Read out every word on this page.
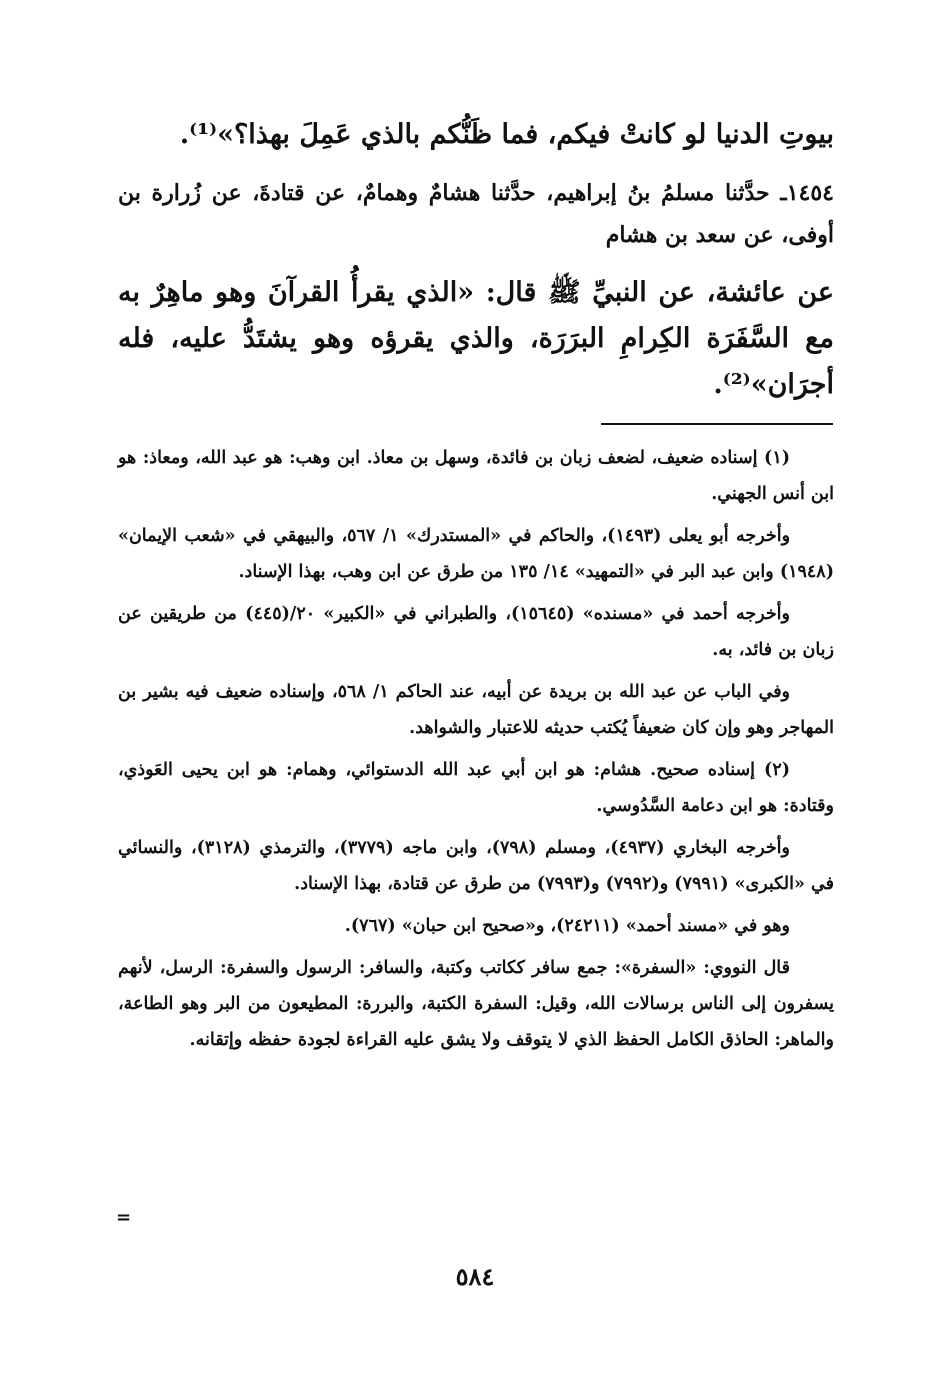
بيوتِ الدنيا لو كانتْ فيكم، فما ظَنُّكم بالذي عَمِلَ بهذا؟»⁽¹⁾.

١٤٥٤ـ حدَّثنا مسلمُ بنُ إبراهيم، حدَّثنا هشامٌ وهمامٌ، عن قتادةَ، عن زُرارة بن أوفى، عن سعد بن هشام

عن عائشة، عن النبيِّ ﷺ قال: «الذي يقرأُ القرآنَ وهو ماهِرٌ به مع السَّفَرَة الكِرامِ البرَرَة، والذي يقرؤه وهو يشتَدُّ عليه، فله أجرَان»⁽²⁾.

(١) إسناده ضعيف، لضعف زبان بن فائدة، وسهل بن معاذ. ابن وهب: هو عبد الله، ومعاذ: هو ابن أنس الجهني.

وأخرجه أبو يعلى (١٤٩٣)، والحاكم في «المستدرك» ١/ ٥٦٧، والبيهقي في «شعب الإيمان» (١٩٤٨) وابن عبد البر في «التمهيد» ١٤/ ١٣٥ من طرق عن ابن وهب، بهذا الإسناد.

وأخرجه أحمد في «مسنده» (١٥٦٤٥)، والطبراني في «الكبير» ٢٠/(٤٤٥) من طريقين عن زبان بن فائد، به.

وفي الباب عن عبد الله بن بريدة عن أبيه، عند الحاكم ١/ ٥٦٨، وإسناده ضعيف فيه بشير بن المهاجر وهو وإن كان ضعيفاً يُكتب حديثه للاعتبار والشواهد.

(٢) إسناده صحيح. هشام: هو ابن أبي عبد الله الدستوائي، وهمام: هو ابن يحيى العَوذي، وقتادة: هو ابن دعامة السَّدُوسي.

وأخرجه البخاري (٤٩٣٧)، ومسلم (٧٩٨)، وابن ماجه (٣٧٧٩)، والترمذي (٣١٢٨)، والنسائي في «الكبرى» (٧٩٩١) و(٧٩٩٢) و(٧٩٩٣) من طرق عن قتادة، بهذا الإسناد.

وهو في «مسند أحمد» (٢٤٢١١)، و«صحيح ابن حبان» (٧٦٧).

قال النووي: «السفرة»: جمع سافر ككاتب وكتبة، والسافر: الرسول والسفرة: الرسل، لأنهم يسفرون إلى الناس برسالات الله، وقيل: السفرة الكتبة، والبررة: المطيعون من البر وهو الطاعة، والماهر: الحاذق الكامل الحفظ الذي لا يتوقف ولا يشق عليه القراءة لجودة حفظه وإتقانه.

=
٥٨٤
